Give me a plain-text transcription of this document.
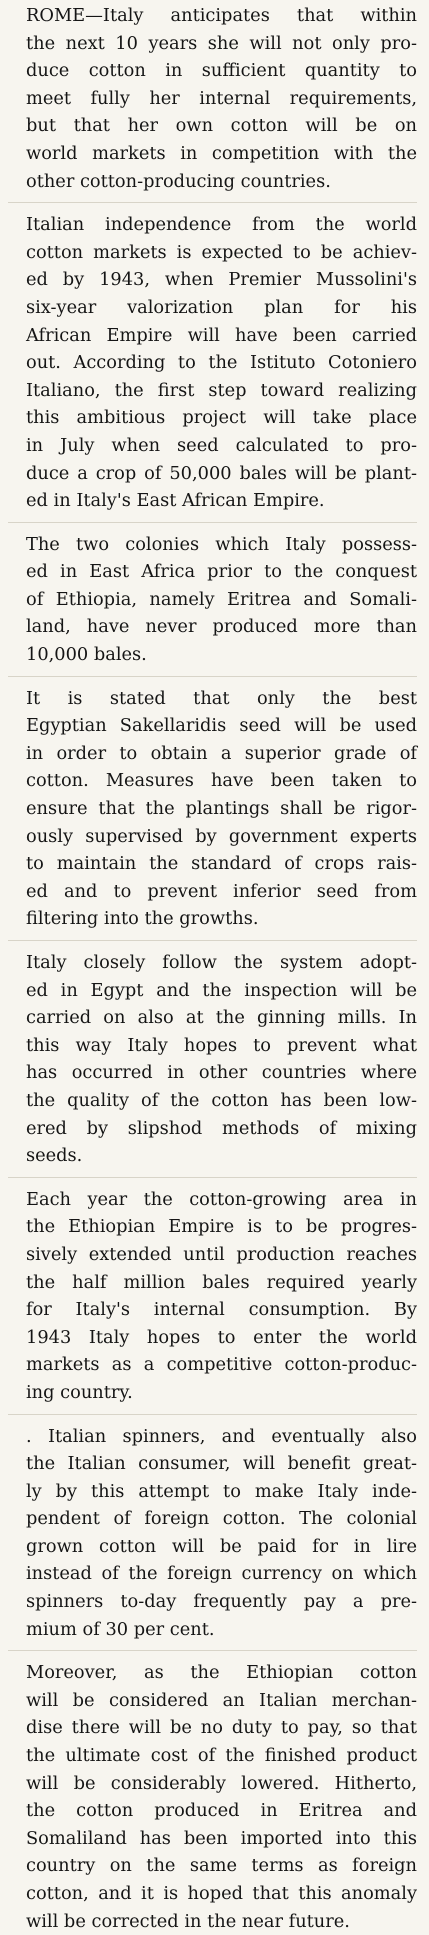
ROME—Italy anticipates that within
the next 10 years she will not only pro-
duce cotton in sufficient quantity to
meet fully her internal requirements,
but that her own cotton will be on
world markets in competition with the
other cotton-producing countries.

Italian independence from the world
cotton markets is expected to be achiev-
ed by 1943, when Premier Mussolini's
six-year valorization plan for his
African Empire will have been carried
out. According to the Istituto Cotoniero
Italiano, the first step toward realizing
this ambitious project will take place
in July when seed calculated to pro-
duce a crop of 50,000 bales will be plant-
ed in Italy's East African Empire.

The two colonies which Italy possess-
ed in East Africa prior to the conquest
of Ethiopia, namely Eritrea and Somali-
land, have never produced more than
10,000 bales.

It is stated that only the best
Egyptian Sakellaridis seed will be used
in order to obtain a superior grade of
cotton. Measures have been taken to
ensure that the plantings shall be rigor-
ously supervised by government experts
to maintain the standard of crops rais-
ed and to prevent inferior seed from
filtering into the growths.

Italy closely follow the system adopt-
ed in Egypt and the inspection will be
carried on also at the ginning mills. In
this way Italy hopes to prevent what
has occurred in other countries where
the quality of the cotton has been low-
ered by slipshod methods of mixing
seeds.

Each year the cotton-growing area in
the Ethiopian Empire is to be progres-
sively extended until production reaches
the half million bales required yearly
for Italy's internal consumption. By
1943 Italy hopes to enter the world
markets as a competitive cotton-produc-
ing country.

. Italian spinners, and eventually also
the Italian consumer, will benefit great-
ly by this attempt to make Italy inde-
pendent of foreign cotton. The colonial
grown cotton will be paid for in lire
instead of the foreign currency on which
spinners to-day frequently pay a pre-
mium of 30 per cent.

Moreover, as the Ethiopian cotton
will be considered an Italian merchan-
dise there will be no duty to pay, so that
the ultimate cost of the finished product
will be considerably lowered. Hitherto,
the cotton produced in Eritrea and
Somaliland has been imported into this
country on the same terms as foreign
cotton, and it is hoped that this anomaly
will be corrected in the near future.
